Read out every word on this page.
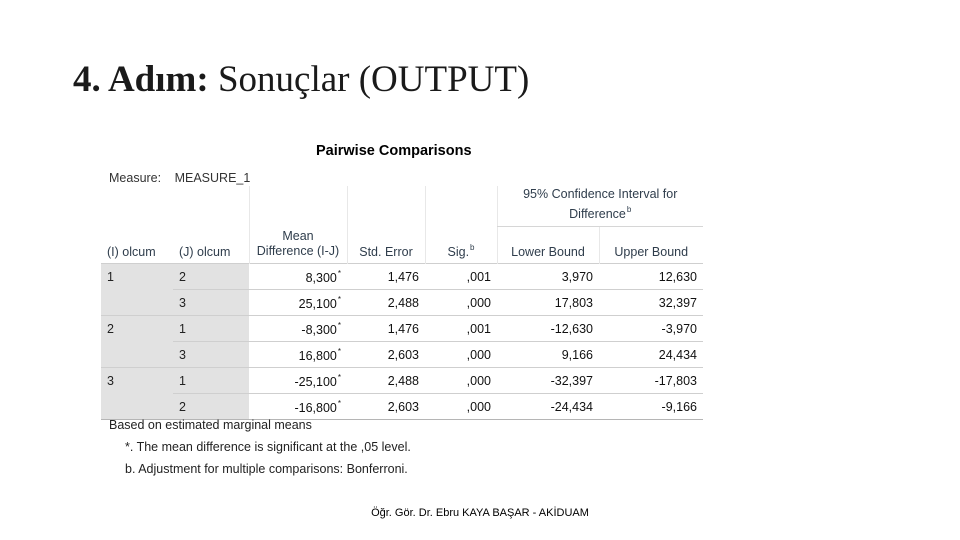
4. Adım: Sonuçlar (OUTPUT)
Pairwise Comparisons
Measure: MEASURE_1
(I) olcum	(J) olcum	Mean Difference (I-J)	Std. Error	Sig.$^b$	95% Confidence Interval for Difference$^b$
					Lower Bound	Upper Bound
1	2	8,300*	1,476	,001	3,970	12,630
	3	25,100*	2,488	,000	17,803	32,397
2	1	-8,300*	1,476	,001	-12,630	-3,970
	3	16,800*	2,603	,000	9,166	24,434
3	1	-25,100*	2,488	,000	-32,397	-17,803
	2	-16,800*	2,603	,000	-24,434	-9,166
Based on estimated marginal means
*. The mean difference is significant at the ,05 level.
b. Adjustment for multiple comparisons: Bonferroni.
Öğr. Gör. Dr. Ebru KAYA BAŞAR - AKİDUAM
